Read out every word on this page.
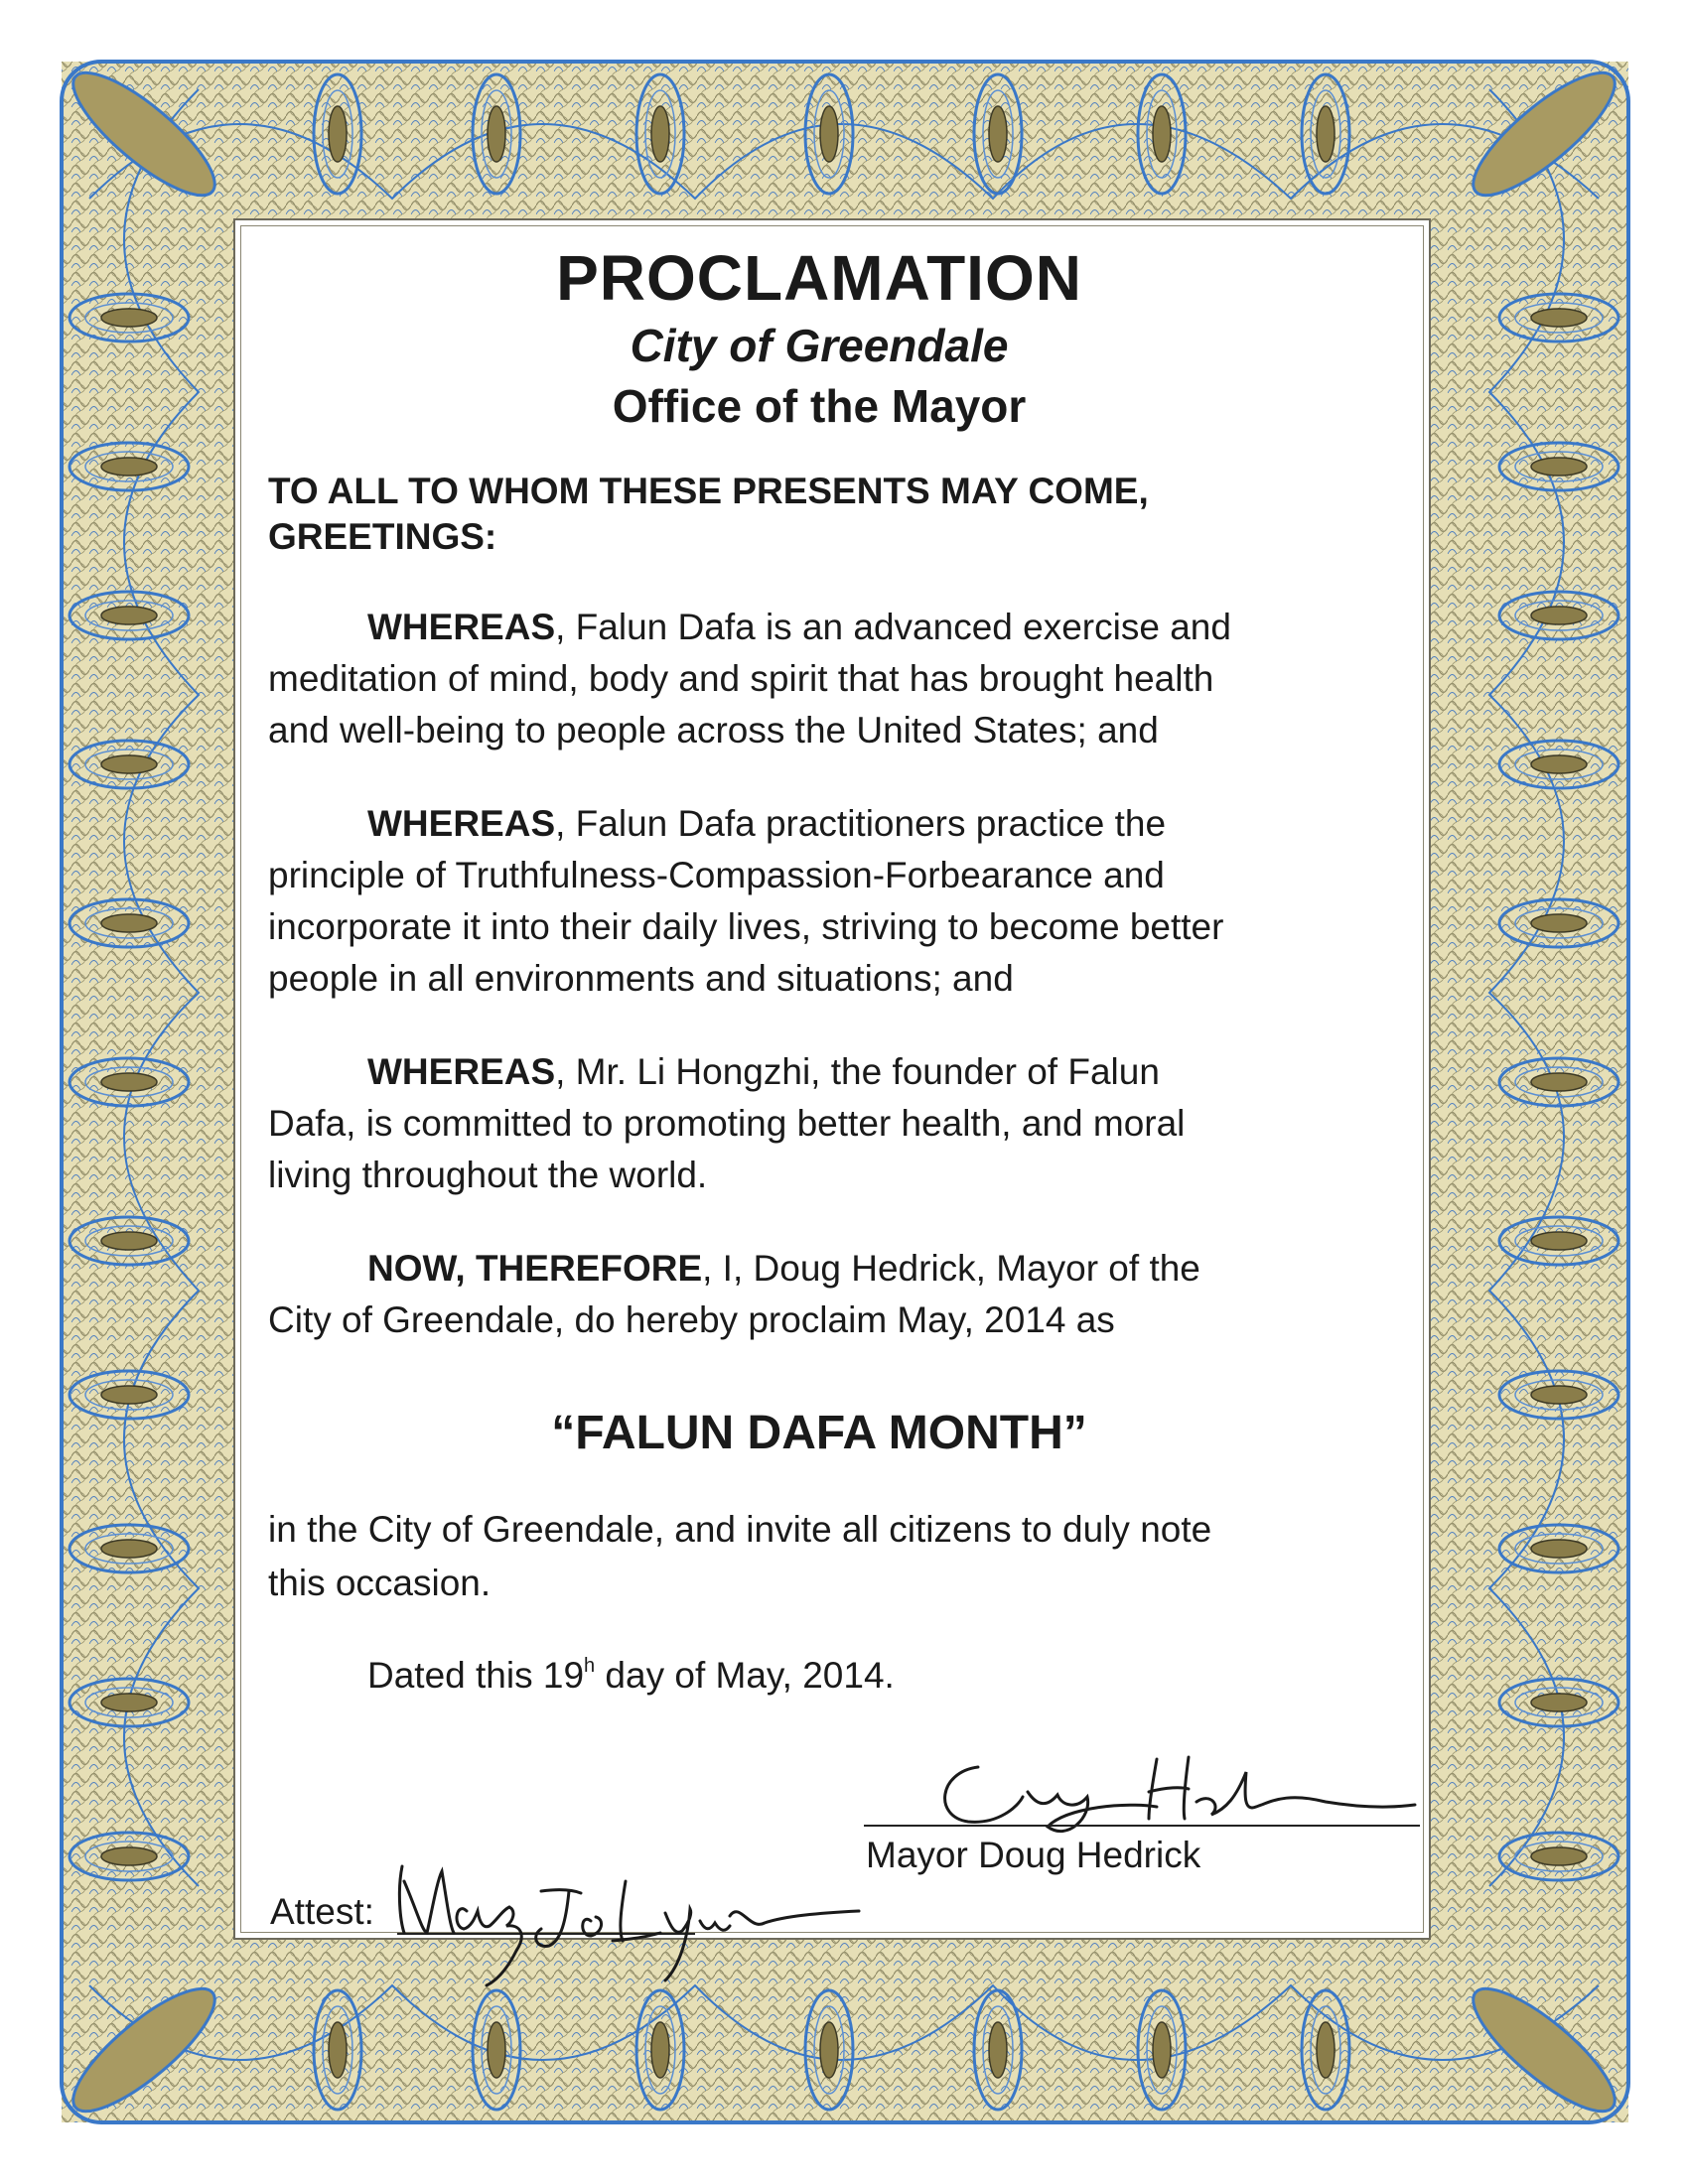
PROCLAMATION
City of Greendale
Office of the Mayor
TO ALL TO WHOM THESE PRESENTS MAY COME,
GREETINGS:
WHEREAS, Falun Dafa is an advanced exercise and
meditation of mind, body and spirit that has brought health
and well-being to people across the United States; and
WHEREAS, Falun Dafa practitioners practice the
principle of Truthfulness-Compassion-Forbearance and
incorporate it into their daily lives, striving to become better
people in all environments and situations; and
WHEREAS, Mr. Li Hongzhi, the founder of Falun
Dafa, is committed to promoting better health, and moral
living throughout the world.
NOW, THEREFORE, I, Doug Hedrick, Mayor of the
City of Greendale, do hereby proclaim May, 2014 as
“FALUN DAFA MONTH”
in the City of Greendale, and invite all citizens to duly note
this occasion.
Dated this 19$^h$ day of May, 2014.
Mayor Doug Hedrick
Attest:
